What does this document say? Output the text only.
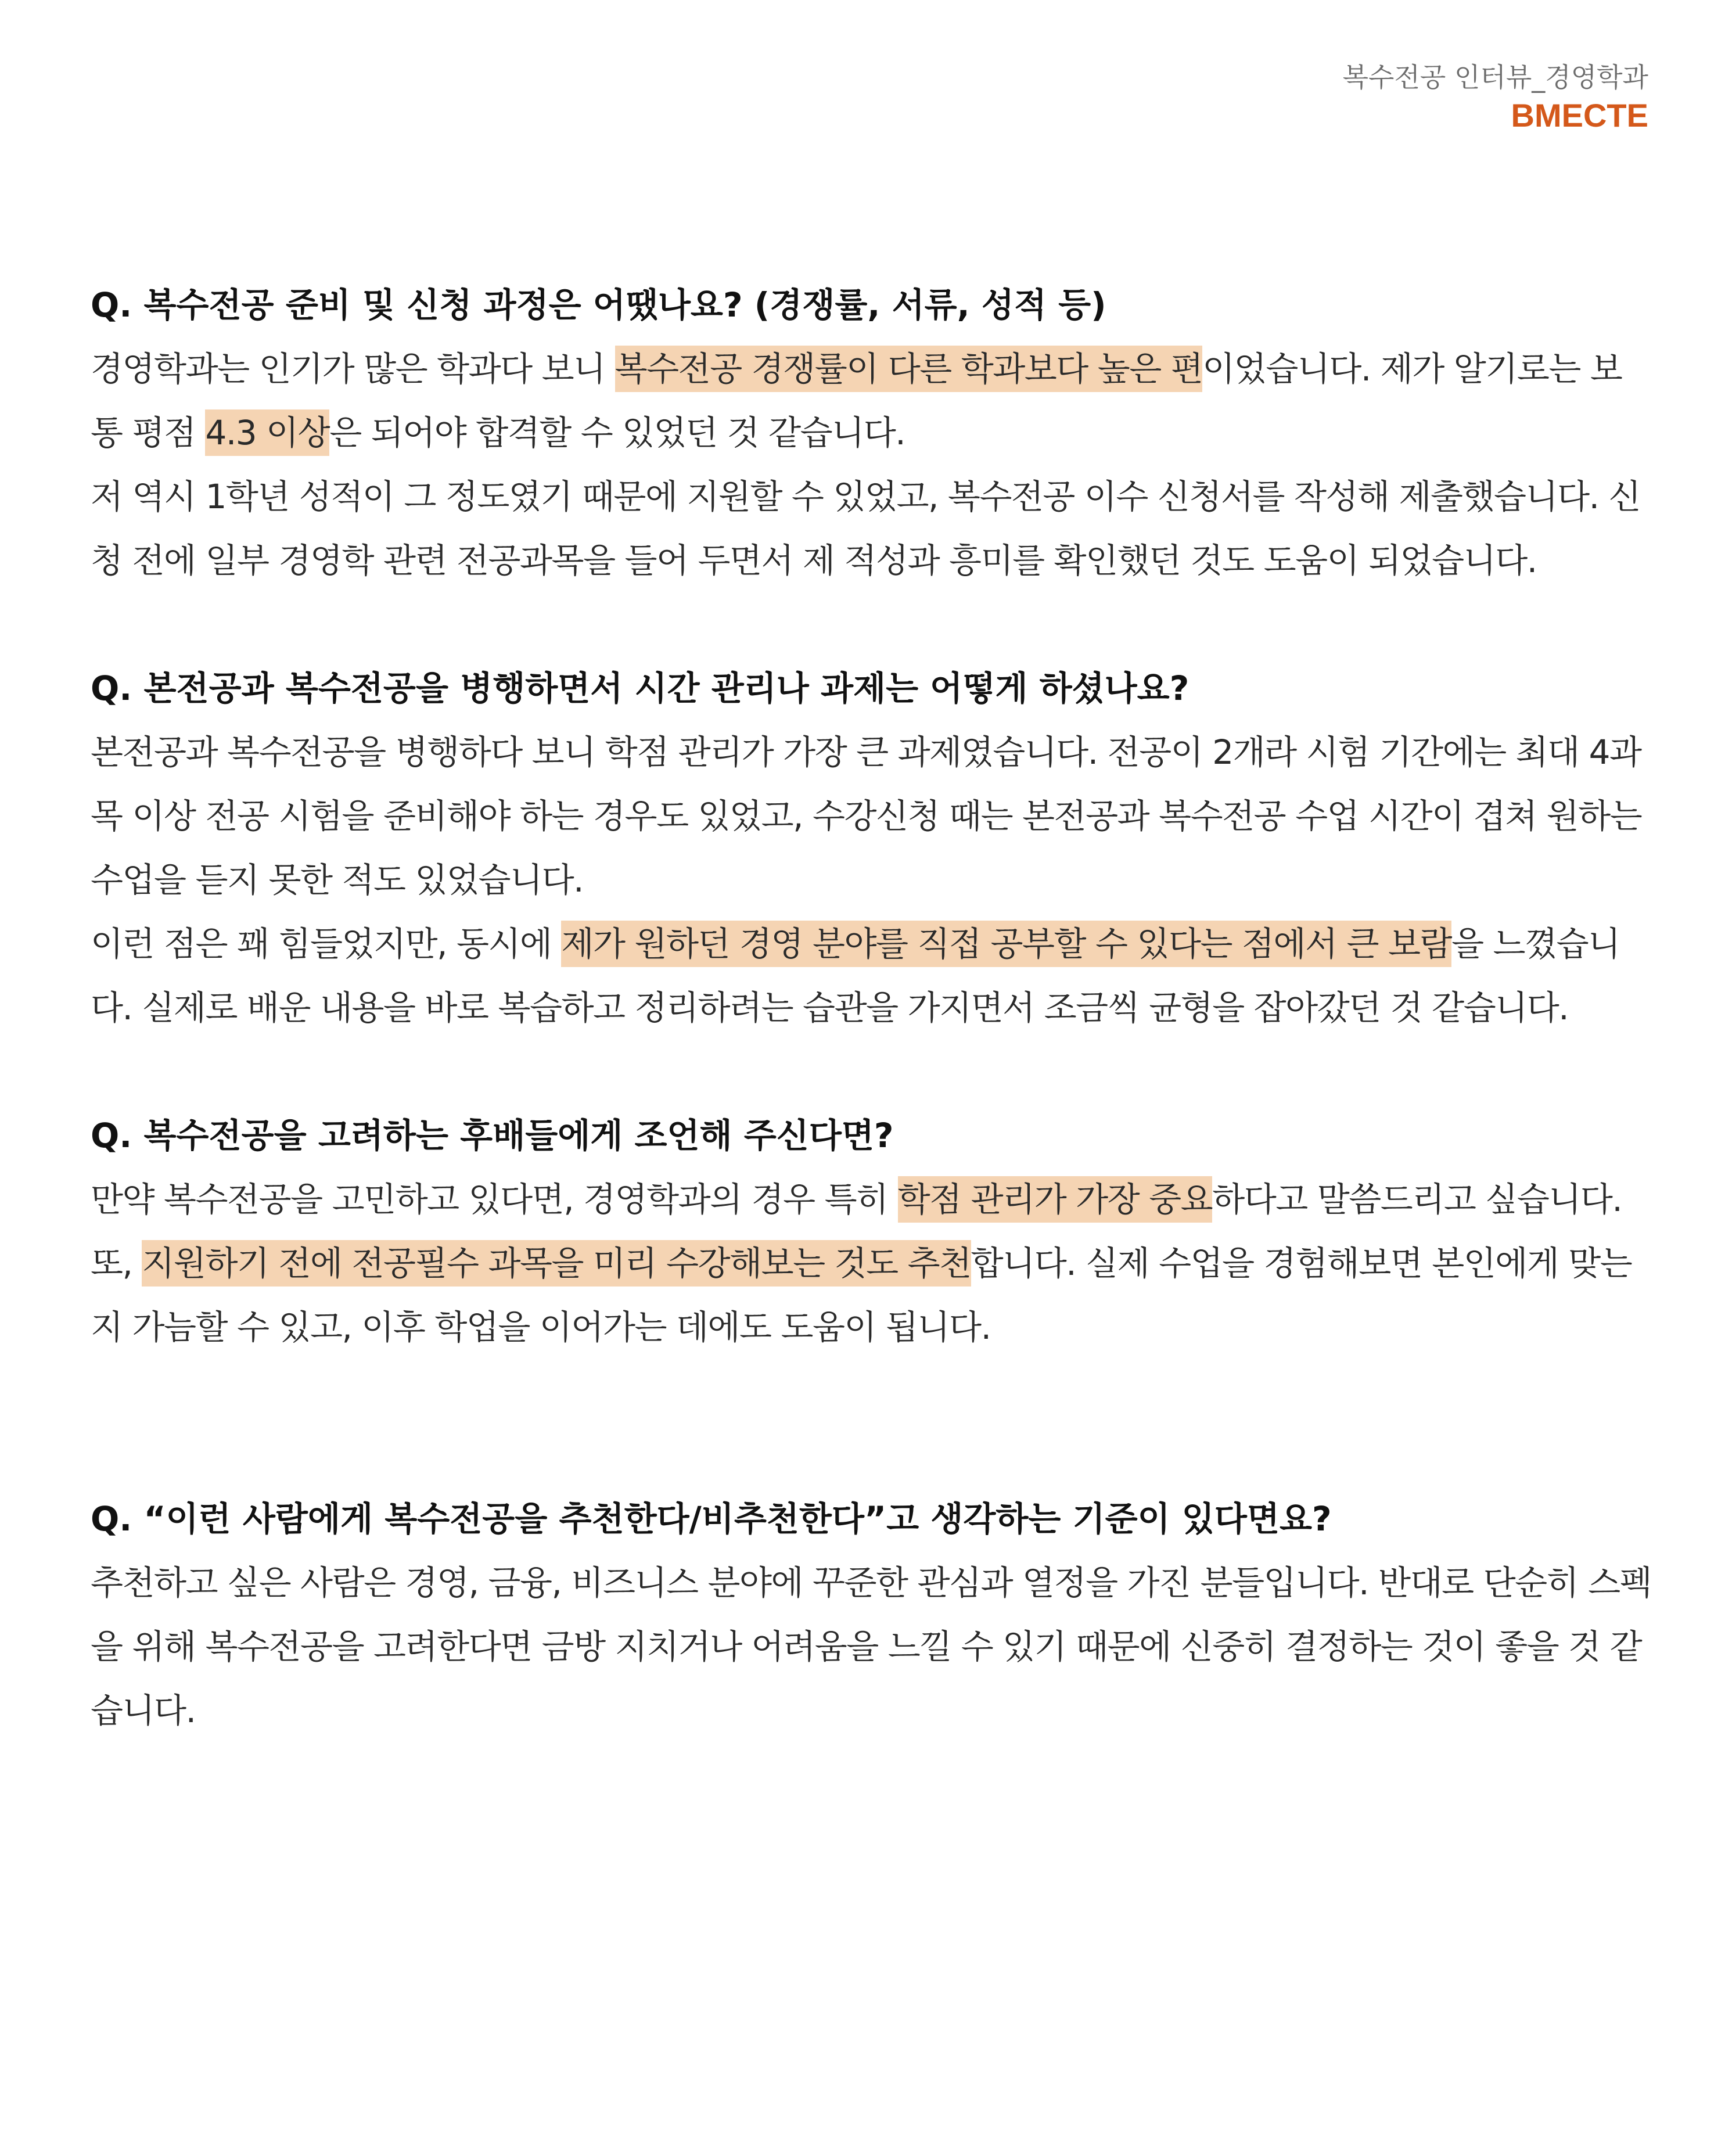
복수전공 인터뷰_경영학과
BMECTE

Q. 복수전공 준비 및 신청 과정은 어땠나요? (경쟁률, 서류, 성적 등)

경영학과는 인기가 많은 학과다 보니 복수전공 경쟁률이 다른 학과보다 높은 편이었습니다. 제가 알기로는 보통 평점 4.3 이상은 되어야 합격할 수 있었던 것 같습니다.

저 역시 1학년 성적이 그 정도였기 때문에 지원할 수 있었고, 복수전공 이수 신청서를 작성해 제출했습니다. 신청 전에 일부 경영학 관련 전공과목을 들어 두면서 제 적성과 흥미를 확인했던 것도 도움이 되었습니다.

Q. 본전공과 복수전공을 병행하면서 시간 관리나 과제는 어떻게 하셨나요?

본전공과 복수전공을 병행하다 보니 학점 관리가 가장 큰 과제였습니다. 전공이 2개라 시험 기간에는 최대 4과목 이상 전공 시험을 준비해야 하는 경우도 있었고, 수강신청 때는 본전공과 복수전공 수업 시간이 겹쳐 원하는 수업을 듣지 못한 적도 있었습니다.

이런 점은 꽤 힘들었지만, 동시에 제가 원하던 경영 분야를 직접 공부할 수 있다는 점에서 큰 보람을 느꼈습니다. 실제로 배운 내용을 바로 복습하고 정리하려는 습관을 가지면서 조금씩 균형을 잡아갔던 것 같습니다.

Q. 복수전공을 고려하는 후배들에게 조언해 주신다면?

만약 복수전공을 고민하고 있다면, 경영학과의 경우 특히 학점 관리가 가장 중요하다고 말씀드리고 싶습니다.

또, 지원하기 전에 전공필수 과목을 미리 수강해보는 것도 추천합니다. 실제 수업을 경험해보면 본인에게 맞는지 가늠할 수 있고, 이후 학업을 이어가는 데에도 도움이 됩니다.

Q. “이런 사람에게 복수전공을 추천한다/비추천한다”고 생각하는 기준이 있다면요?

추천하고 싶은 사람은 경영, 금융, 비즈니스 분야에 꾸준한 관심과 열정을 가진 분들입니다. 반대로 단순히 스펙을 위해 복수전공을 고려한다면 금방 지치거나 어려움을 느낄 수 있기 때문에 신중히 결정하는 것이 좋을 것 같습니다.
